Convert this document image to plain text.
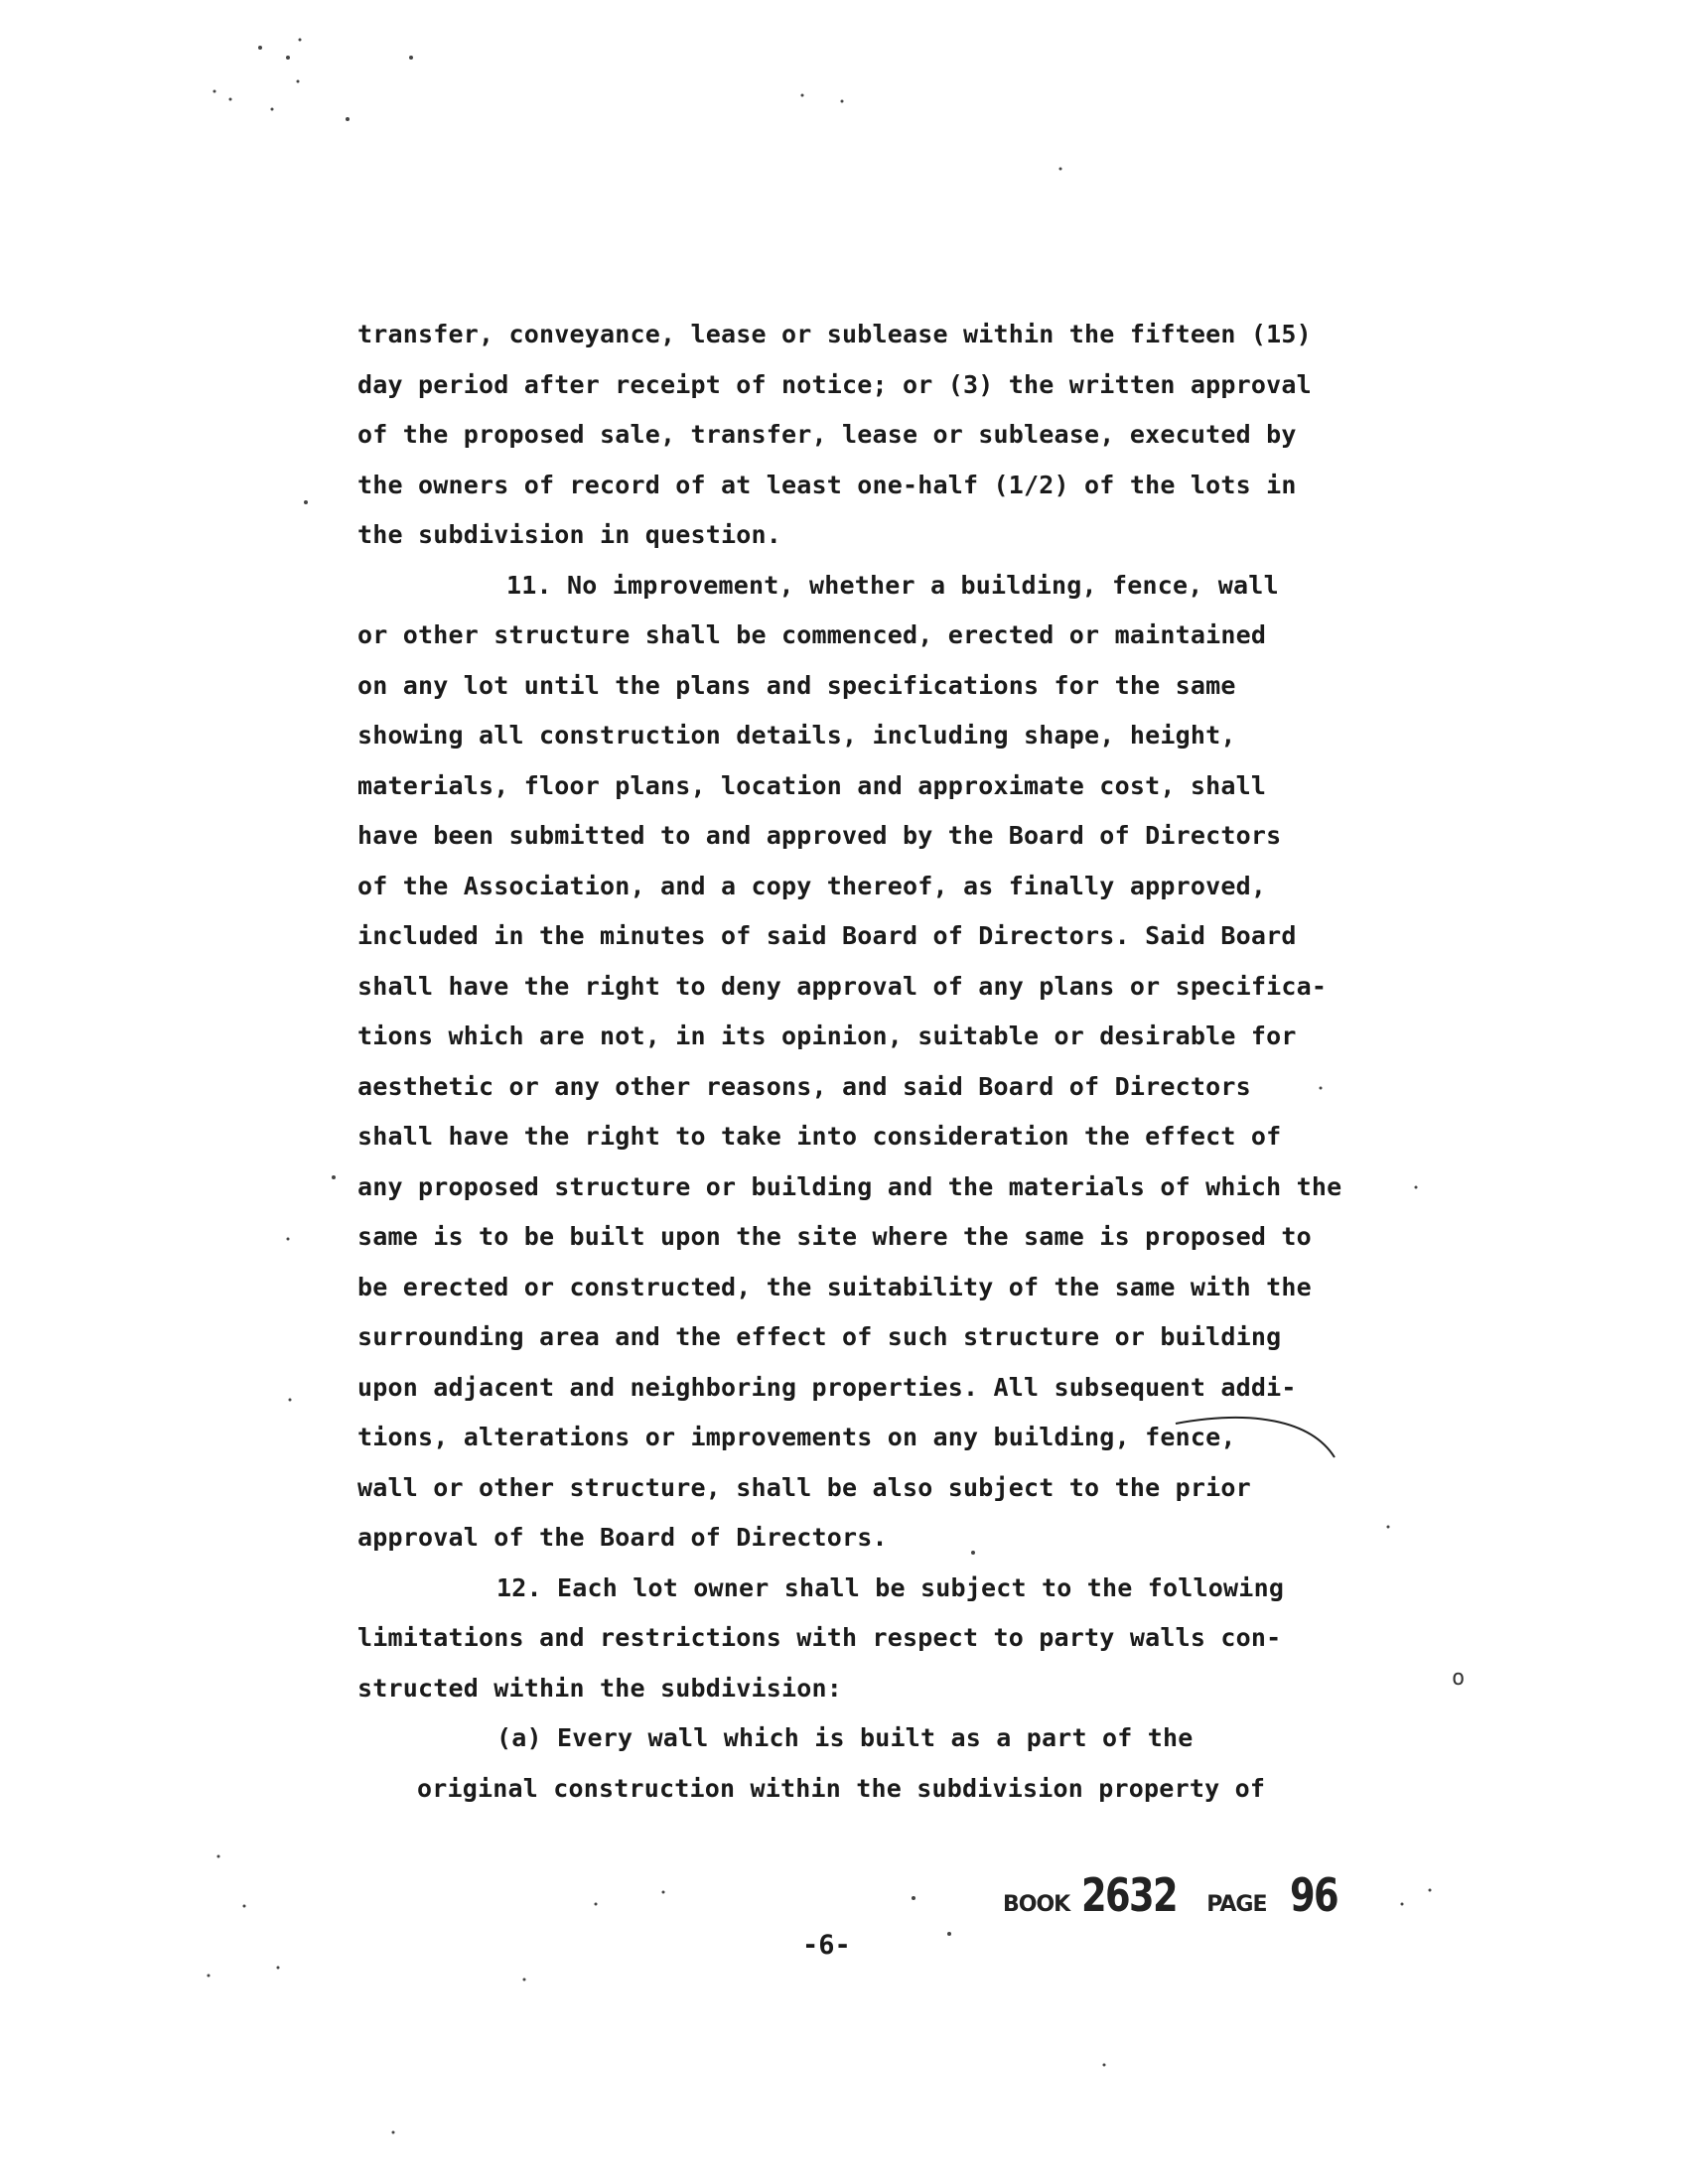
transfer, conveyance, lease or sublease within the fifteen (15)
day period after receipt of notice; or (3) the written approval
of the proposed sale, transfer, lease or sublease, executed by
the owners of record of at least one-half (1/2) of the lots in
the subdivision in question.
11. No improvement, whether a building, fence, wall
or other structure shall be commenced, erected or maintained
on any lot until the plans and specifications for the same
showing all construction details, including shape, height,
materials, floor plans, location and approximate cost, shall
have been submitted to and approved by the Board of Directors
of the Association, and a copy thereof, as finally approved,
included in the minutes of said Board of Directors. Said Board
shall have the right to deny approval of any plans or specifica-
tions which are not, in its opinion, suitable or desirable for
aesthetic or any other reasons, and said Board of Directors
shall have the right to take into consideration the effect of
any proposed structure or building and the materials of which the
same is to be built upon the site where the same is proposed to
be erected or constructed, the suitability of the same with the
surrounding area and the effect of such structure or building
upon adjacent and neighboring properties. All subsequent addi-
tions, alterations or improvements on any building, fence,
wall or other structure, shall be also subject to the prior
approval of the Board of Directors.
12. Each lot owner shall be subject to the following
limitations and restrictions with respect to party walls con-
structed within the subdivision:
(a) Every wall which is built as a part of the
original construction within the subdivision property of
BOOK 2632 PAGE 96
-6-
o
